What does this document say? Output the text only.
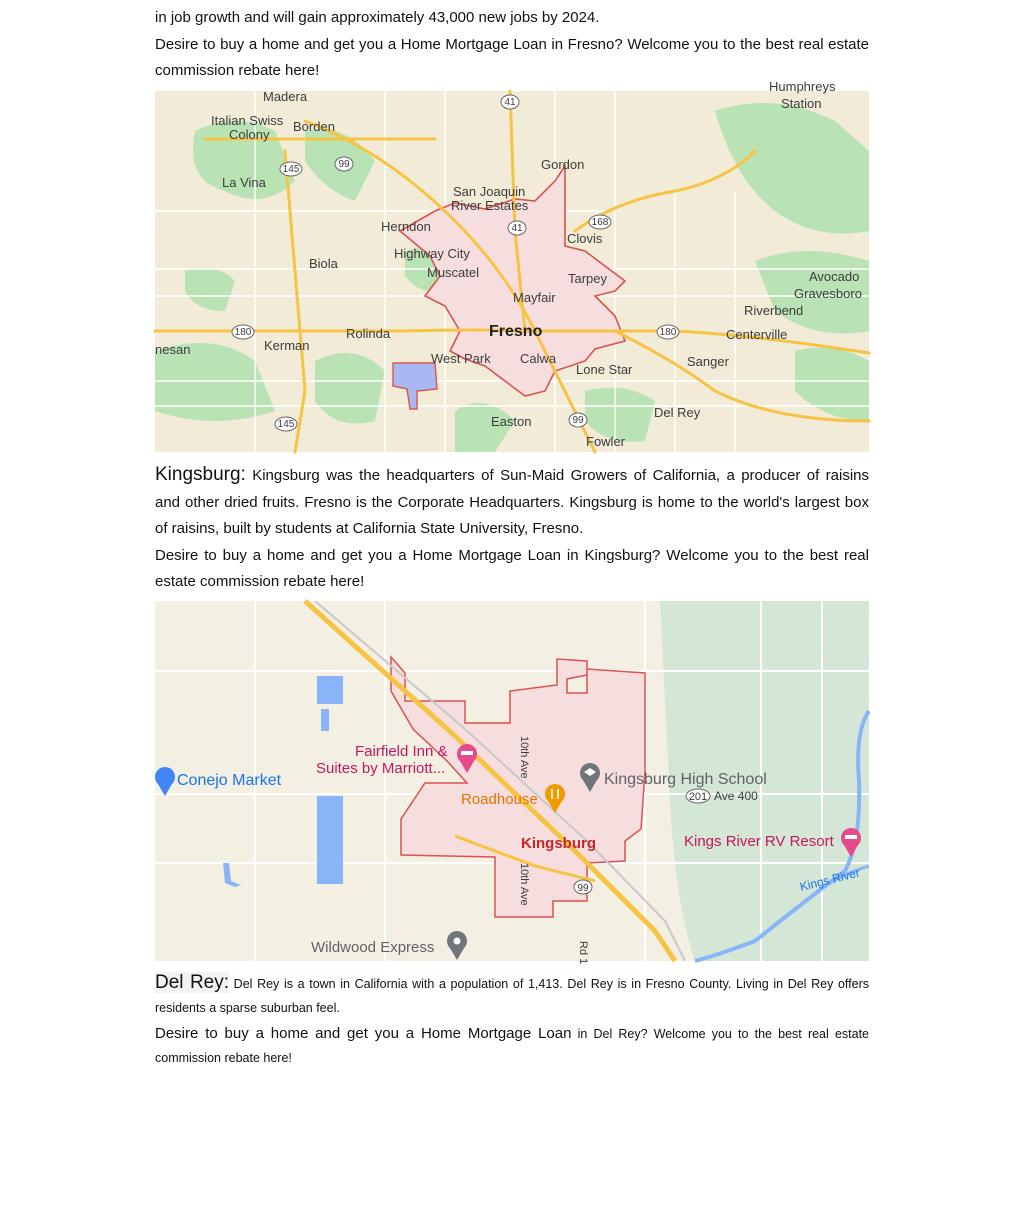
in job growth and will gain approximately 43,000 new jobs by 2024.

Desire to buy a home and get you a Home Mortgage Loan in Fresno? Welcome you to the best real estate commission rebate here!

Madera
Humphreys
Station
Italian Swiss
Colony
Borden
Gordon
La Vina
San Joaquin
River Estates
Herndon
Clovis
Highway City
Muscatel
Biola
Tarpey	Avocado
Gravesboro
Mayfair
Riverbend
Rolinda	Fresno	Centerville
nesan	Kerman
West Park Calwa	Sanger
Lone Star
Del Rey
Easton
Fowler
41
99
145
168
41
180	180
99
145

Kingsburg: Kingsburg was the headquarters of Sun-Maid Growers of California, a producer of raisins and other dried fruits. Fresno is the Corporate Headquarters. Kingsburg is home to the world's largest box of raisins, built by students at California State University, Fresno.

Desire to buy a home and get you a Home Mortgage Loan in Kingsburg? Welcome you to the best real estate commission rebate here!

Fairfield Inn &
Suites by Marriott...
Conejo Market	Kingsburg High School
Roadhouse	Ave 400
201
Kingsburg	Kings River RV Resort
Kings River
10th Ave
10th Ave	99
Wildwood Express	Rd 1

Del Rey: Del Rey is a town in California with a population of 1,413. Del Rey is in Fresno County. Living in Del Rey offers residents a sparse suburban feel.

Desire to buy a home and get you a Home Mortgage Loan in Del Rey? Welcome you to the best real estate commission rebate here!
